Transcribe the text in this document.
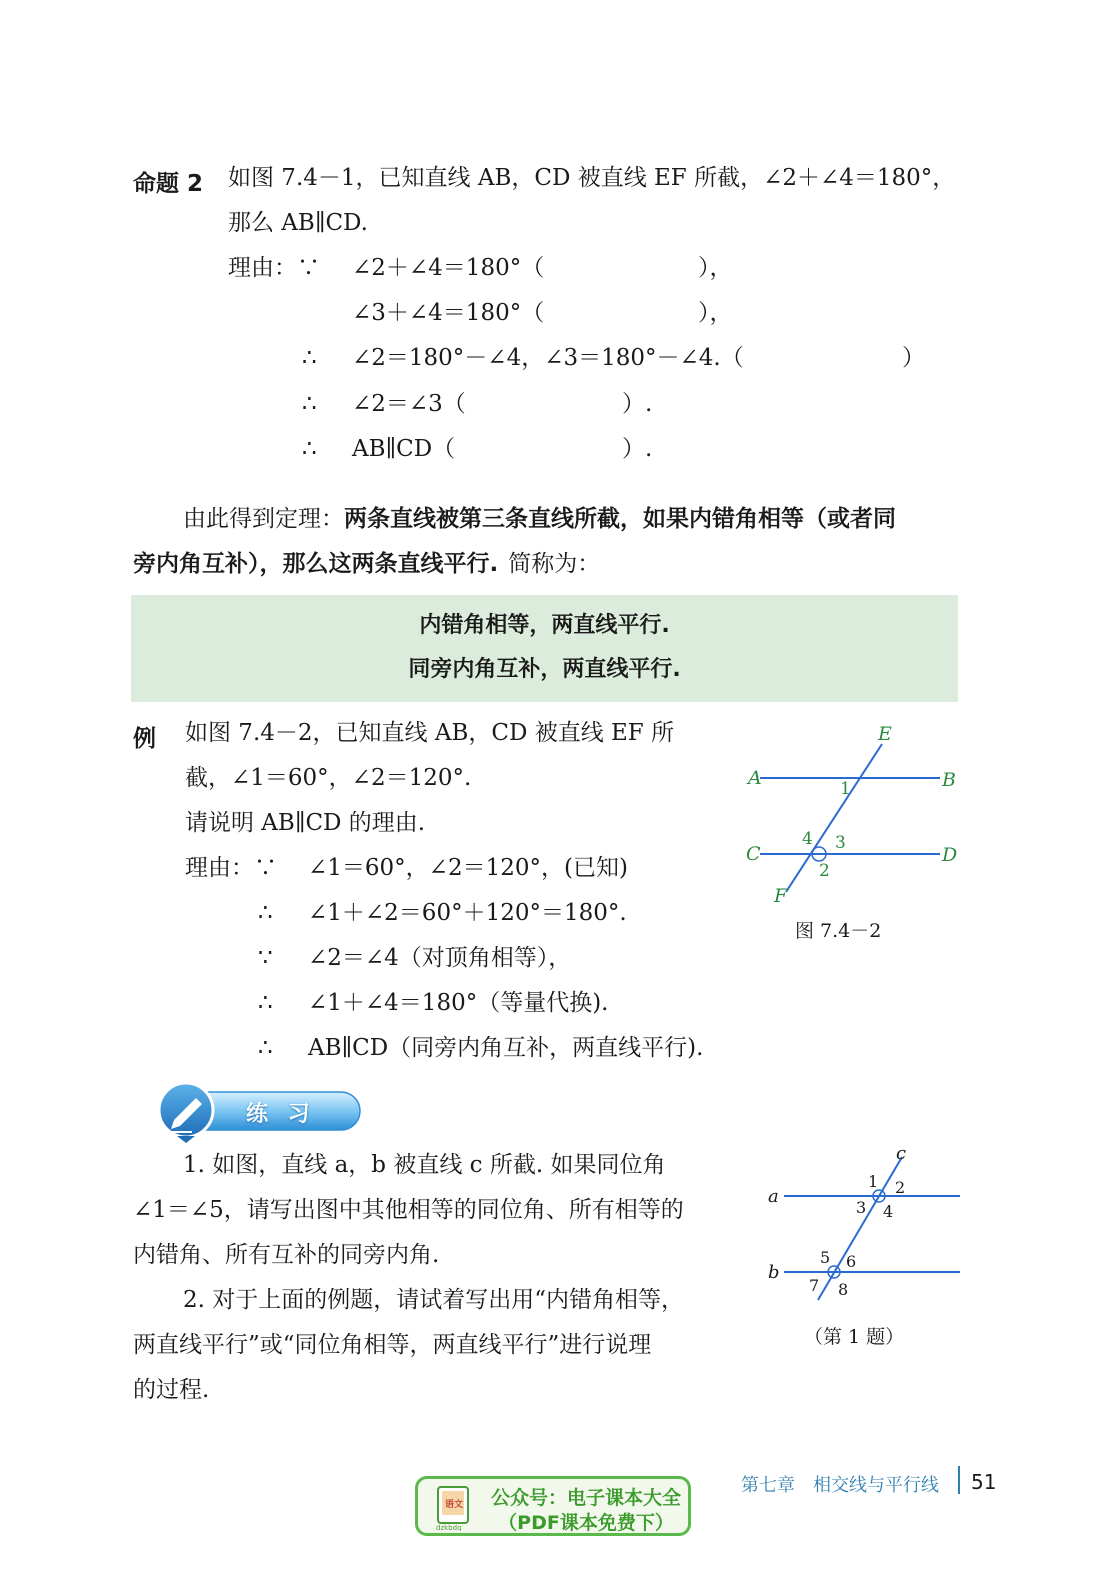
命题 2 如图 7.4－1，已知直线 AB，CD 被直线 EF 所截，∠2＋∠4＝180°，
那么 AB∥CD.
理由：∵ ∠2＋∠4＝180°（	），
∠3＋∠4＝180°（	），
∴ ∠2＝180°－∠4，∠3＝180°－∠4.（	）
∴ ∠2＝∠3（	）.
∴ AB∥CD（	）.
由此得到定理：两条直线被第三条直线所截，如果内错角相等（或者同
旁内角互补），那么这两条直线平行. 简称为：
内错角相等，两直线平行.
同旁内角互补，两直线平行.
例 如图 7.4－2，已知直线 AB，CD 被直线 EF 所
截，∠1＝60°，∠2＝120°.
请说明 AB∥CD 的理由.
理由：∵ ∠1＝60°，∠2＝120°，(已知)
∴ ∠1＋∠2＝60°＋120°＝180°.
∵ ∠2＝∠4（对顶角相等），
∴ ∠1＋∠4＝180°（等量代换).
∴ AB∥CD（同旁内角互补，两直线平行).
E
A	B
1
C	D
4 3
2
F
图 7.4－2
练 习
1. 如图，直线 a，b 被直线 c 所截. 如果同位角
∠1＝∠5，请写出图中其他相等的同位角、所有相等的
内错角、所有互补的同旁内角.
2. 对于上面的例题，请试着写出用“内错角相等，
两直线平行”或“同位角相等，两直线平行”进行说理
的过程.
c
a
b
1 2
3 4
5 6
7 8
（第 1 题）
第七章　相交线与平行线 51
语文
dzkbdq
公众号：电子课本大全
（PDF课本免费下）
